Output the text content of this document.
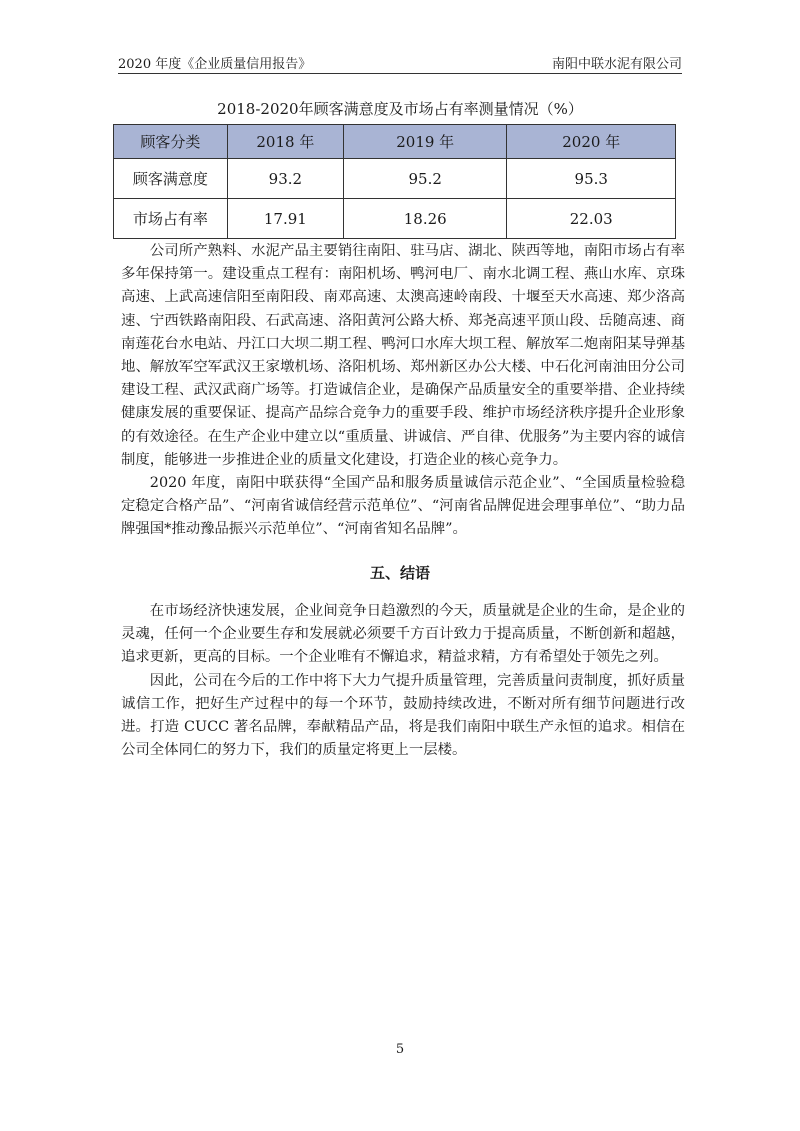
2020 年度《企业质量信用报告》	南阳中联水泥有限公司
2018-2020年顾客满意度及市场占有率测量情况（%）
顾客分类	2018 年	2019 年	2020 年
顾客满意度	93.2	95.2	95.3
市场占有率	17.91	18.26	22.03

公司所产熟料、水泥产品主要销往南阳、驻马店、湖北、陕西等地，南阳市场占有率多年保持第一。建设重点工程有：南阳机场、鸭河电厂、南水北调工程、燕山水库、京珠高速、上武高速信阳至南阳段、南邓高速、太澳高速岭南段、十堰至天水高速、郑少洛高速、宁西铁路南阳段、石武高速、洛阳黄河公路大桥、郑尧高速平顶山段、岳随高速、商南莲花台水电站、丹江口大坝二期工程、鸭河口水库大坝工程、解放军二炮南阳某导弹基地、解放军空军武汉王家墩机场、洛阳机场、郑州新区办公大楼、中石化河南油田分公司建设工程、武汉武商广场等。打造诚信企业，是确保产品质量安全的重要举措、企业持续健康发展的重要保证、提高产品综合竞争力的重要手段、维护市场经济秩序提升企业形象的有效途径。在生产企业中建立以“重质量、讲诚信、严自律、优服务”为主要内容的诚信制度，能够进一步推进企业的质量文化建设，打造企业的核心竞争力。

2020 年度，南阳中联获得“全国产品和服务质量诚信示范企业”、“全国质量检验稳定稳定合格产品”、“河南省诚信经营示范单位”、“河南省品牌促进会理事单位”、“助力品牌强国*推动豫品振兴示范单位”、“河南省知名品牌”。

五、结语

在市场经济快速发展，企业间竞争日趋激烈的今天，质量就是企业的生命，是企业的灵魂，任何一个企业要生存和发展就必须要千方百计致力于提高质量，不断创新和超越，追求更新，更高的目标。一个企业唯有不懈追求，精益求精，方有希望处于领先之列。

因此，公司在今后的工作中将下大力气提升质量管理，完善质量问责制度，抓好质量诚信工作，把好生产过程中的每一个环节，鼓励持续改进，不断对所有细节问题进行改进。打造 CUCC 著名品牌，奉献精品产品，将是我们南阳中联生产永恒的追求。相信在公司全体同仁的努力下，我们的质量定将更上一层楼。

5
